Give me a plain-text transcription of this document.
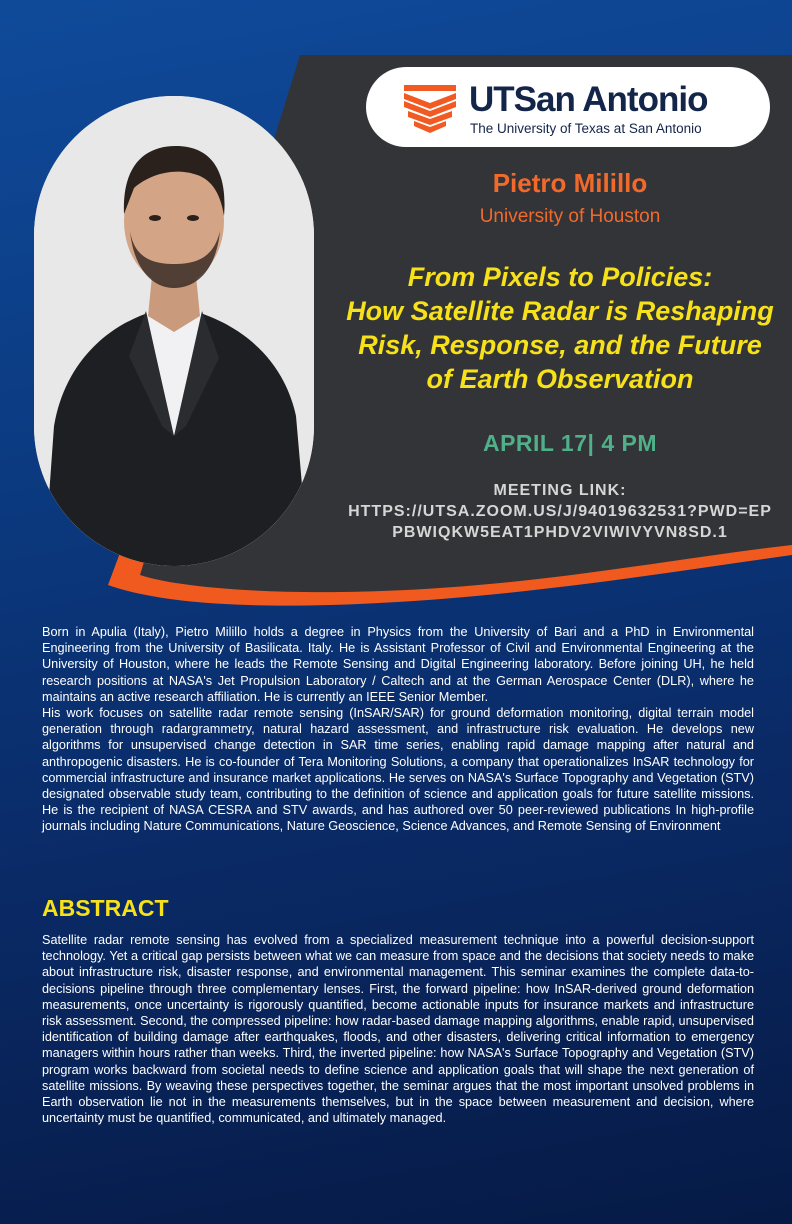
UTSan Antonio
The University of Texas at San Antonio
Pietro Milillo
University of Houston
From Pixels to Policies:
How Satellite Radar is Reshaping
Risk, Response, and the Future
of Earth Observation
APRIL 17| 4 PM
MEETING LINK:
HTTPS://UTSA.ZOOM.US/J/94019632531?PWD=EP
PBWIQKW5EAT1PHDV2VIWIVYVN8SD.1

Born in Apulia (Italy), Pietro Milillo holds a degree in Physics from the University of Bari and a PhD in Environmental Engineering from the University of Basilicata. Italy. He is Assistant Professor of Civil and Environmental Engineering at the University of Houston, where he leads the Remote Sensing and Digital Engineering laboratory. Before joining UH, he held research positions at NASA's Jet Propulsion Laboratory / Caltech and at the German Aerospace Center (DLR), where he maintains an active research affiliation. He is currently an IEEE Senior Member.

His work focuses on satellite radar remote sensing (InSAR/SAR) for ground deformation monitoring, digital terrain model generation through radargrammetry, natural hazard assessment, and infrastructure risk evaluation. He develops new algorithms for unsupervised change detection in SAR time series, enabling rapid damage mapping after natural and anthropogenic disasters. He is co-founder of Tera Monitoring Solutions, a company that operationalizes InSAR technology for commercial infrastructure and insurance market applications. He serves on NASA's Surface Topography and Vegetation (STV) designated observable study team, contributing to the definition of science and application goals for future satellite missions. He is the recipient of NASA CESRA and STV awards, and has authored over 50 peer-reviewed publications In high-profile journals including Nature Communications, Nature Geoscience, Science Advances, and Remote Sensing of Environment

ABSTRACT
Satellite radar remote sensing has evolved from a specialized measurement technique into a powerful decision-support technology. Yet a critical gap persists between what we can measure from space and the decisions that society needs to make about infrastructure risk, disaster response, and environmental management. This seminar examines the complete data-to-decisions pipeline through three complementary lenses. First, the forward pipeline: how InSAR-derived ground deformation measurements, once uncertainty is rigorously quantified, become actionable inputs for insurance markets and infrastructure risk assessment. Second, the compressed pipeline: how radar-based damage mapping algorithms, enable rapid, unsupervised identification of building damage after earthquakes, floods, and other disasters, delivering critical information to emergency managers within hours rather than weeks. Third, the inverted pipeline: how NASA's Surface Topography and Vegetation (STV) program works backward from societal needs to define science and application goals that will shape the next generation of satellite missions. By weaving these perspectives together, the seminar argues that the most important unsolved problems in Earth observation lie not in the measurements themselves, but in the space between measurement and decision, where uncertainty must be quantified, communicated, and ultimately managed.
